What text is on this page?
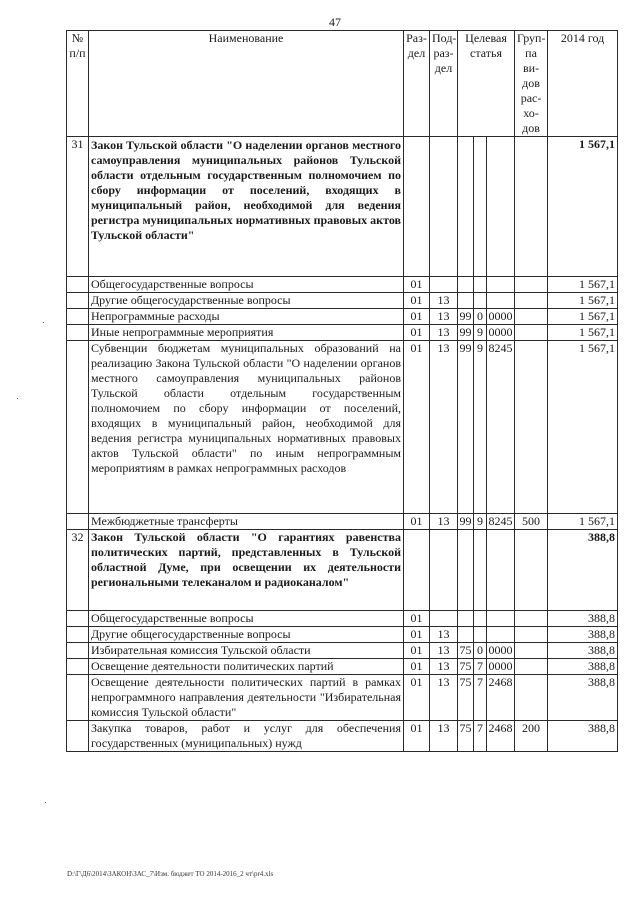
47
№ п/п	Наименование	Раз- дел	Под- раз- дел	Целевая статья			Груп- па ви- дов рас- хо- дов	2014 год
31	Закон Тульской области "О наделении органов местного самоуправления муниципальных районов Тульской области отдельным государственным полномочием по сбору информации от поселений, входящих в муниципальный район, необходимой для ведения регистра муниципальных нормативных правовых актов Тульской области"							1 567,1
	Общегосударственные вопросы	01						1 567,1
	Другие общегосударственные вопросы	01	13					1 567,1
	Непрограммные расходы	01	13	99	0	0000		1 567,1
	Иные непрограммные мероприятия	01	13	99	9	0000		1 567,1
	Субвенции бюджетам муниципальных образований на реализацию Закона Тульской области "О наделении органов местного самоуправления муниципальных районов Тульской области отдельным государственным полномочием по сбору информации от поселений, входящих в муниципальный район, необходимой для ведения регистра муниципальных нормативных правовых актов Тульской области" по иным непрограммным мероприятиям в рамках непрограммных расходов	01	13	99	9	8245		1 567,1
	Межбюджетные трансферты	01	13	99	9	8245	500	1 567,1
32	Закон Тульской области "О гарантиях равенства политических партий, представленных в Тульской областной Думе, при освещении их деятельности региональными телеканалом и радиоканалом"							388,8
	Общегосударственные вопросы	01						388,8
	Другие общегосударственные вопросы	01	13					388,8
	Избирательная комиссия Тульской области	01	13	75	0	0000		388,8
	Освещение деятельности политических партий	01	13	75	7	0000		388,8
	Освещение деятельности политических партий в рамках непрограммного направления деятельности "Избирательная комиссия Тульской области"	01	13	75	7	2468		388,8
	Закупка товаров, работ и услуг для обеспечения государственных (муниципальных) нужд	01	13	75	7	2468	200	388,8
D:\Г\Д6\2014\ЗАКОН\ЗАС_7\Изм. бюджет ТО 2014-2016_2 чт\pr4.xls
